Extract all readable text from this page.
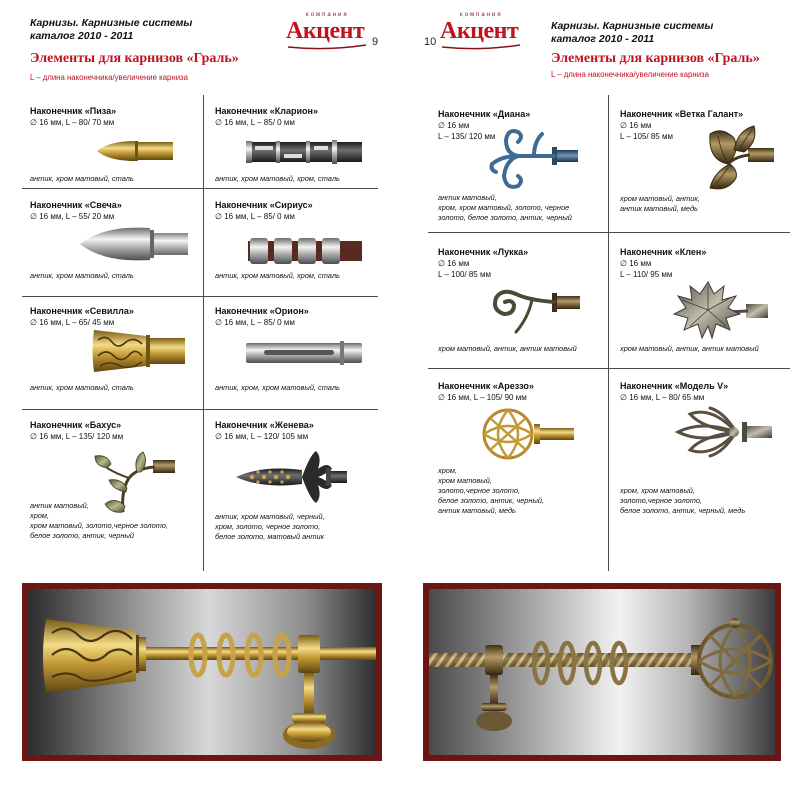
Карнизы. Карнизные системы
каталог 2010 - 2011
Элементы для карнизов «Граль»
L – длина наконечника/увеличение карниза
компания
Акцент 9
Наконечник «Пиза»
∅ 16 мм, L – 80/ 70 мм
антик, хром матовый, сталь
Наконечник «Кларион»
∅ 16 мм, L – 85/ 0 мм
антик, хром матовый, хром, сталь
Наконечник «Свеча»
∅ 16 мм, L – 55/ 20 мм
антик, хром матовый, сталь
Наконечник «Сириус»
∅ 16 мм, L – 85/ 0 мм
антик, хром матовый, хром, сталь
Наконечник «Севилла»
∅ 16 мм, L – 65/ 45 мм
антик, хром матовый, сталь
Наконечник «Орион»
∅ 16 мм, L – 85/ 0 мм
антик, хром, хром матовый, сталь
Наконечник «Бахус»
∅ 16 мм, L – 135/ 120 мм
антик матовый,
хром,
хром матовый, золото,черное золото,
белое золото, антик, черный
Наконечник «Женева»
∅ 16 мм, L – 120/ 105 мм
антик, хром матовый, черный,
хром, золото, черное золото,
белое золото, матовый антик
10
компания
Акцент	Карнизы. Карнизные системы
каталог 2010 - 2011
Элементы для карнизов «Граль»
L – длина наконечника/увеличение карниза
Наконечник «Диана»
∅ 16 мм
L – 135/ 120 мм
антик матовый,
хром, хром матовый, золото, черное
золото, белое золото, антик, черный
Наконечник «Ветка Галант»
∅ 16 мм
L – 105/ 85 мм
хром матовый, антик,
антик матовый, медь
Наконечник «Лукка»
∅ 16 мм
L – 100/ 85 мм
хром матовый, антик, антик матовый
Наконечник «Клен»
∅ 16 мм
L – 110/ 95 мм
хром матовый, антик, антик матовый
Наконечник «Ареззо»
∅ 16 мм, L – 105/ 90 мм
хром,
хром матовый,
золото,черное золото,
белое золото, антик, черный,
антик матовый, медь
Наконечник «Модель V»
∅ 16 мм, L – 80/ 65 мм
хром, хром матовый,
золото,черное золото,
белое золото, антик, черный, медь
